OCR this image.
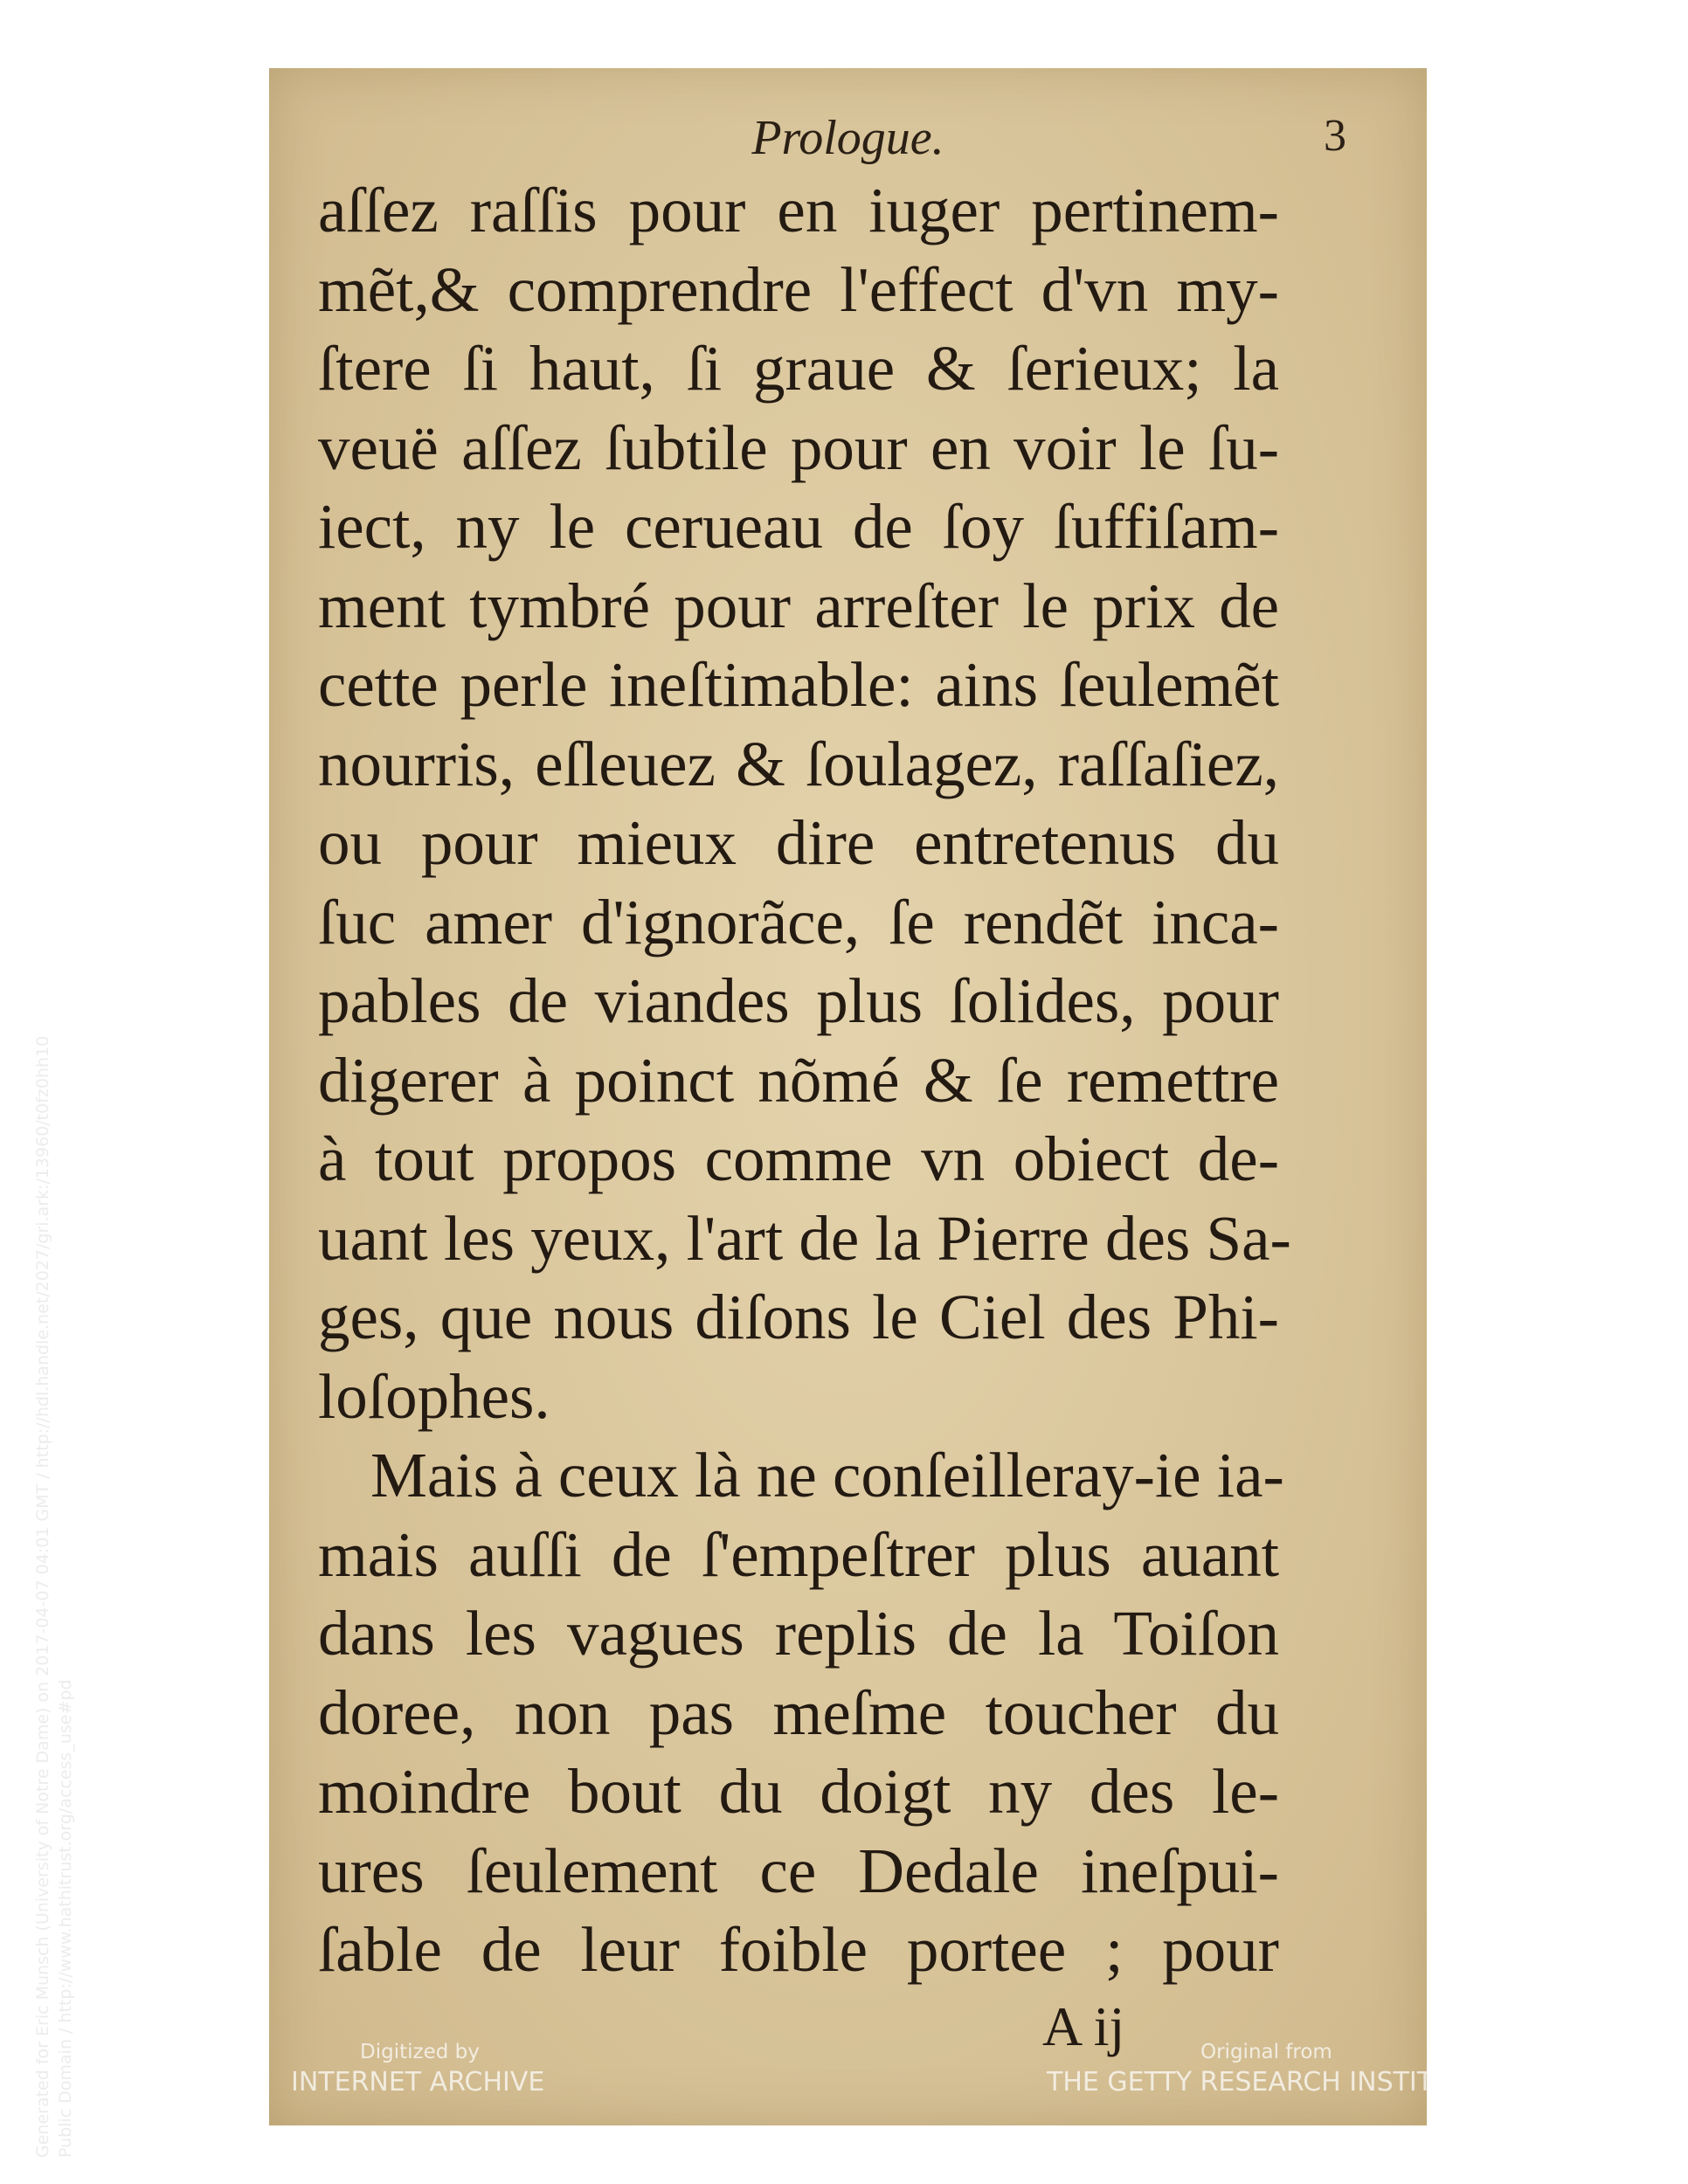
Prologue.	3
aſſez raſſis pour en iuger pertinem-
mẽt,& comprendre l'effect d'vn my-
ſtere ſi haut, ſi graue & ſerieux; la
veuë aſſez ſubtile pour en voir le ſu-
iect, ny le cerueau de ſoy ſuffiſam-
ment tymbré pour arreſter le prix de
cette perle ineſtimable: ains ſeulemẽt
nourris, eſleuez & ſoulagez, raſſaſiez,
ou pour mieux dire entretenus du
ſuc amer d'ignorãce, ſe rendẽt inca-
pables de viandes plus ſolides, pour
digerer à poinct nõmé & ſe remettre
à tout propos comme vn obiect de-
uant les yeux, l'art de la Pierre des Sa-
ges, que nous diſons le Ciel des Phi-
loſophes.
Mais à ceux là ne conſeilleray-ie ia-
mais auſſi de ſ'empeſtrer plus auant
dans les vagues replis de la Toiſon
doree, non pas meſme toucher du
moindre bout du doigt ny des le-
ures ſeulement ce Dedale ineſpui-
ſable de leur foible portee ; pour
A ij
Digitized by
INTERNET ARCHIVE
Original from
THE GETTY RESEARCH INSTITUTE
Generated for Eric Munsch (University of Notre Dame) on 2017-04-07 04:01 GMT / http://hdl.handle.net/2027/gri.ark:/13960/t0fz0hh10 Public Domain / http://www.hathitrust.org/access_use#pd
